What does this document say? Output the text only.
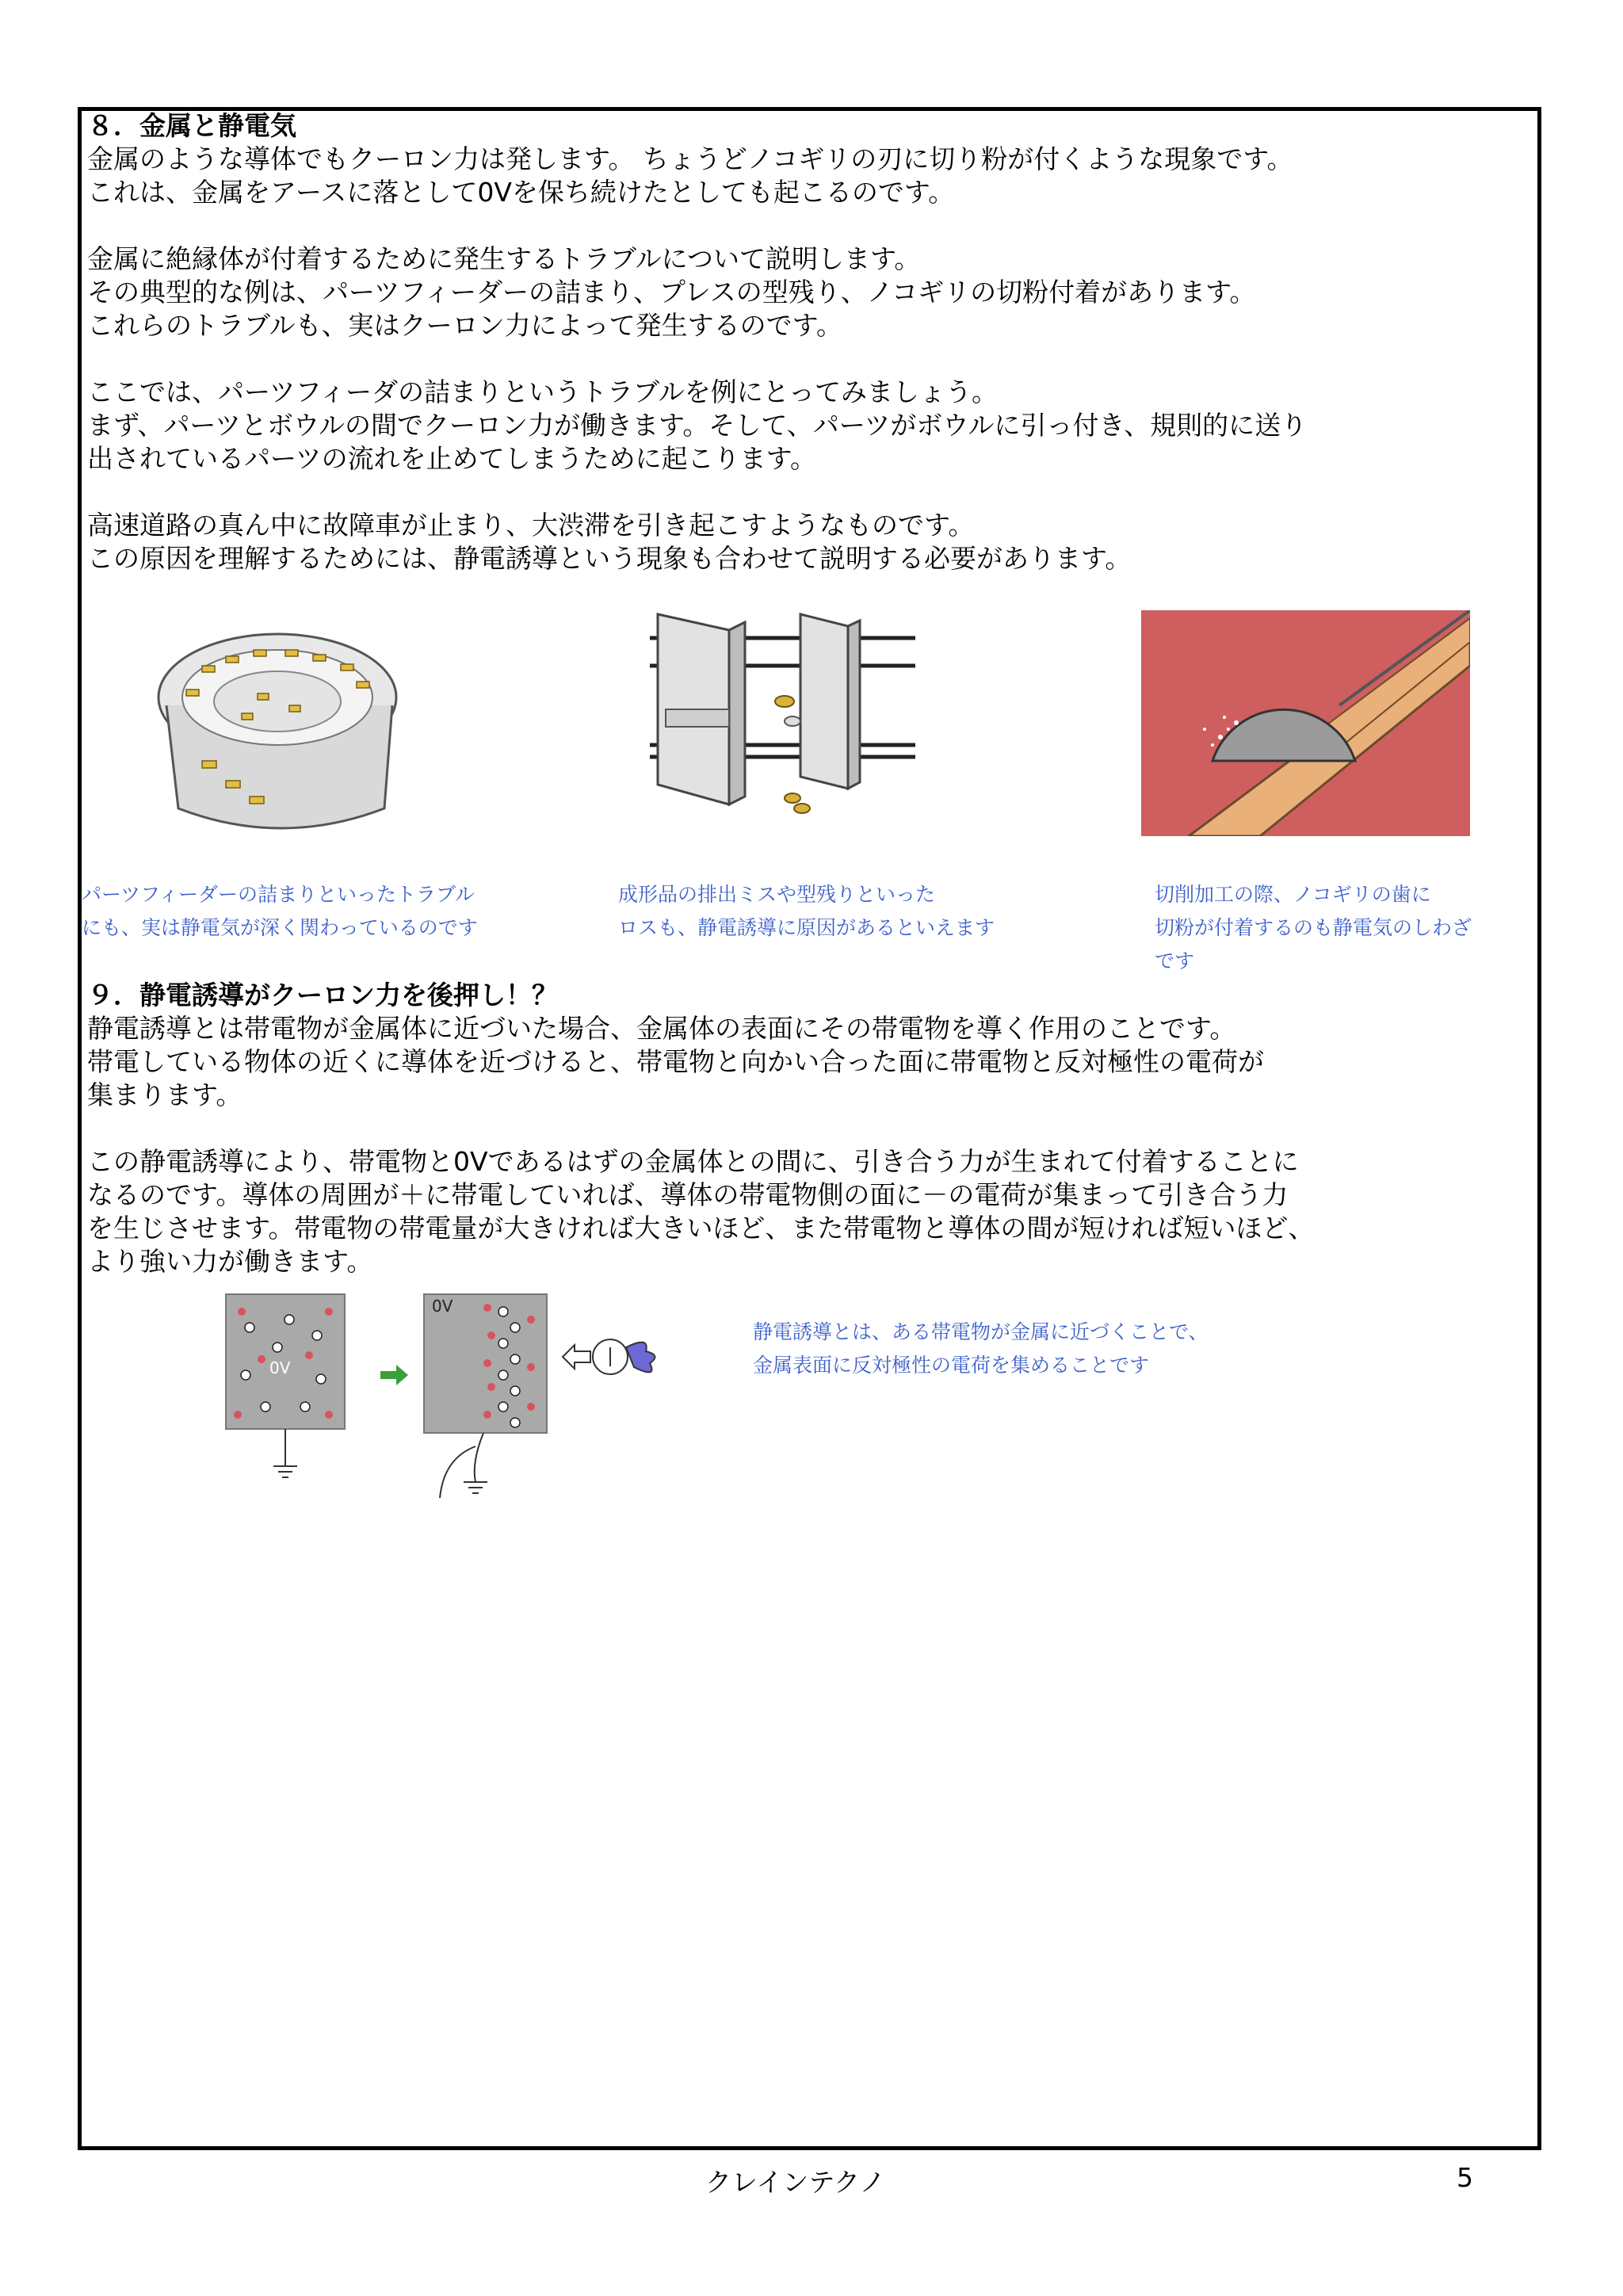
８．金属と静電気
金属のような導体でもクーロン力は発します。 ちょうどノコギリの刃に切り粉が付くような現象です。
これは、金属をアースに落として0Vを保ち続けたとしても起こるのです。
金属に絶縁体が付着するために発生するトラブルについて説明します。
その典型的な例は、パーツフィーダーの詰まり、プレスの型残り、ノコギリの切粉付着があります。
これらのトラブルも、実はクーロン力によって発生するのです。
ここでは、パーツフィーダの詰まりというトラブルを例にとってみましょう。
まず、パーツとボウルの間でクーロン力が働きます。そして、パーツがボウルに引っ付き、規則的に送り
出されているパーツの流れを止めてしまうために起こります。
高速道路の真ん中に故障車が止まり、大渋滞を引き起こすようなものです。
この原因を理解するためには、静電誘導という現象も合わせて説明する必要があります。
パーツフィーダーの詰まりといったトラブル
にも、実は静電気が深く関わっているのです
成形品の排出ミスや型残りといった
ロスも、静電誘導に原因があるといえます
切削加工の際、ノコギリの歯に
切粉が付着するのも静電気のしわざ
です
９．静電誘導がクーロン力を後押し！？
静電誘導とは帯電物が金属体に近づいた場合、金属体の表面にその帯電物を導く作用のことです。
帯電している物体の近くに導体を近づけると、帯電物と向かい合った面に帯電物と反対極性の電荷が
集まります。
この静電誘導により、帯電物と0Vであるはずの金属体との間に、引き合う力が生まれて付着することに
なるのです。導体の周囲が＋に帯電していれば、導体の帯電物側の面に－の電荷が集まって引き合う力
を生じさせます。帯電物の帯電量が大きければ大きいほど、また帯電物と導体の間が短ければ短いほど、
より強い力が働きます。
0V
0V
静電誘導とは、ある帯電物が金属に近づくことで、
金属表面に反対極性の電荷を集めることです
クレインテクノ	5
